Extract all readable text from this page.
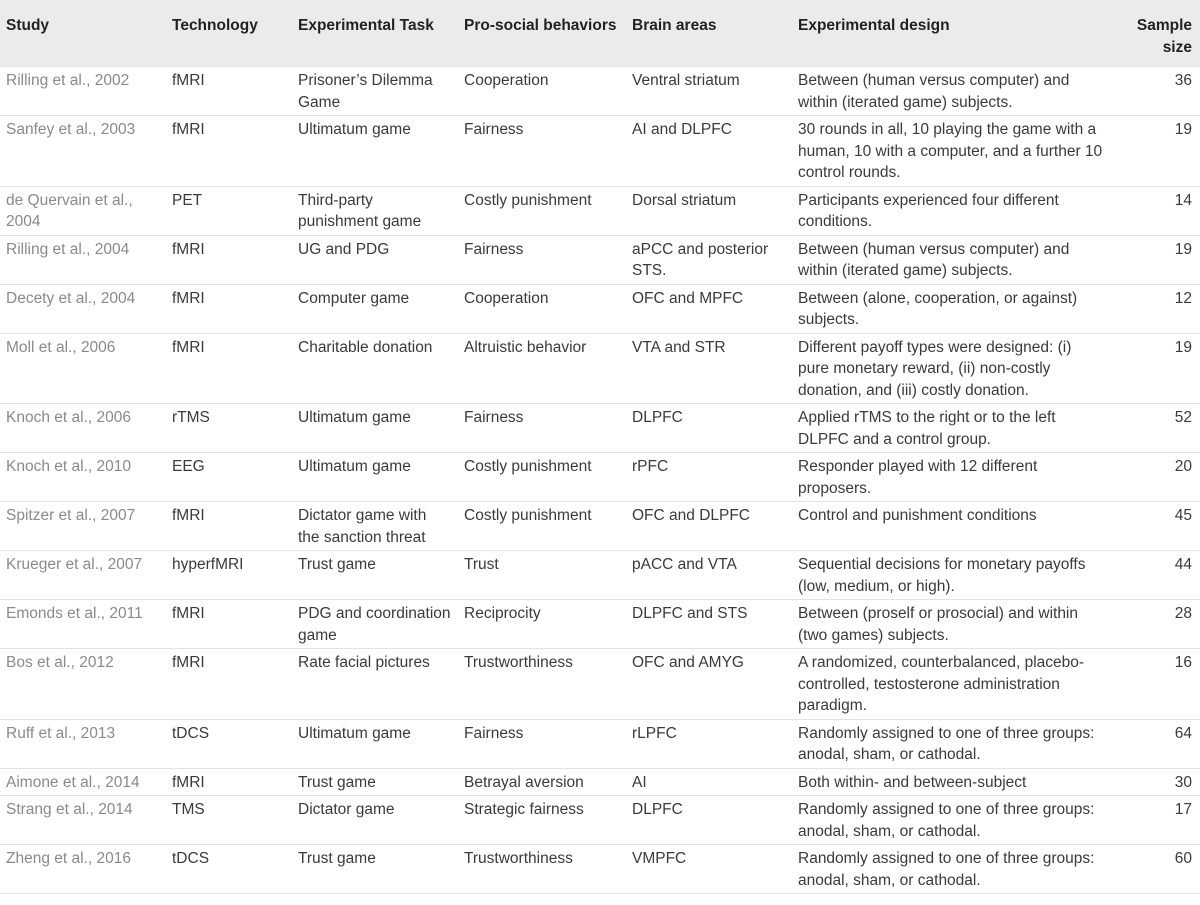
Study	Technology	Experimental Task	Pro-social behaviors	Brain areas	Experimental design	Sample size
Rilling et al., 2002	fMRI	Prisoner’s Dilemma Game	Cooperation	Ventral striatum	Between (human versus computer) and within (iterated game) subjects.	36
Sanfey et al., 2003	fMRI	Ultimatum game	Fairness	AI and DLPFC	30 rounds in all, 10 playing the game with a human, 10 with a computer, and a further 10 control rounds.	19
de Quervain et al., 2004	PET	Third-party punishment game	Costly punishment	Dorsal striatum	Participants experienced four different conditions.	14
Rilling et al., 2004	fMRI	UG and PDG	Fairness	aPCC and posterior STS.	Between (human versus computer) and within (iterated game) subjects.	19
Decety et al., 2004	fMRI	Computer game	Cooperation	OFC and MPFC	Between (alone, cooperation, or against) subjects.	12
Moll et al., 2006	fMRI	Charitable donation	Altruistic behavior	VTA and STR	Different payoff types were designed: (i) pure monetary reward, (ii) non-costly donation, and (iii) costly donation.	19
Knoch et al., 2006	rTMS	Ultimatum game	Fairness	DLPFC	Applied rTMS to the right or to the left DLPFC and a control group.	52
Knoch et al., 2010	EEG	Ultimatum game	Costly punishment	rPFC	Responder played with 12 different proposers.	20
Spitzer et al., 2007	fMRI	Dictator game with the sanction threat	Costly punishment	OFC and DLPFC	Control and punishment conditions	45
Krueger et al., 2007	hyperfMRI	Trust game	Trust	pACC and VTA	Sequential decisions for monetary payoffs (low, medium, or high).	44
Emonds et al., 2011	fMRI	PDG and coordination game	Reciprocity	DLPFC and STS	Between (proself or prosocial) and within (two games) subjects.	28
Bos et al., 2012	fMRI	Rate facial pictures	Trustworthiness	OFC and AMYG	A randomized, counterbalanced, placebo-controlled, testosterone administration paradigm.	16
Ruff et al., 2013	tDCS	Ultimatum game	Fairness	rLPFC	Randomly assigned to one of three groups: anodal, sham, or cathodal.	64
Aimone et al., 2014	fMRI	Trust game	Betrayal aversion	AI	Both within- and between-subject	30
Strang et al., 2014	TMS	Dictator game	Strategic fairness	DLPFC	Randomly assigned to one of three groups: anodal, sham, or cathodal.	17
Zheng et al., 2016	tDCS	Trust game	Trustworthiness	VMPFC	Randomly assigned to one of three groups: anodal, sham, or cathodal.	60
